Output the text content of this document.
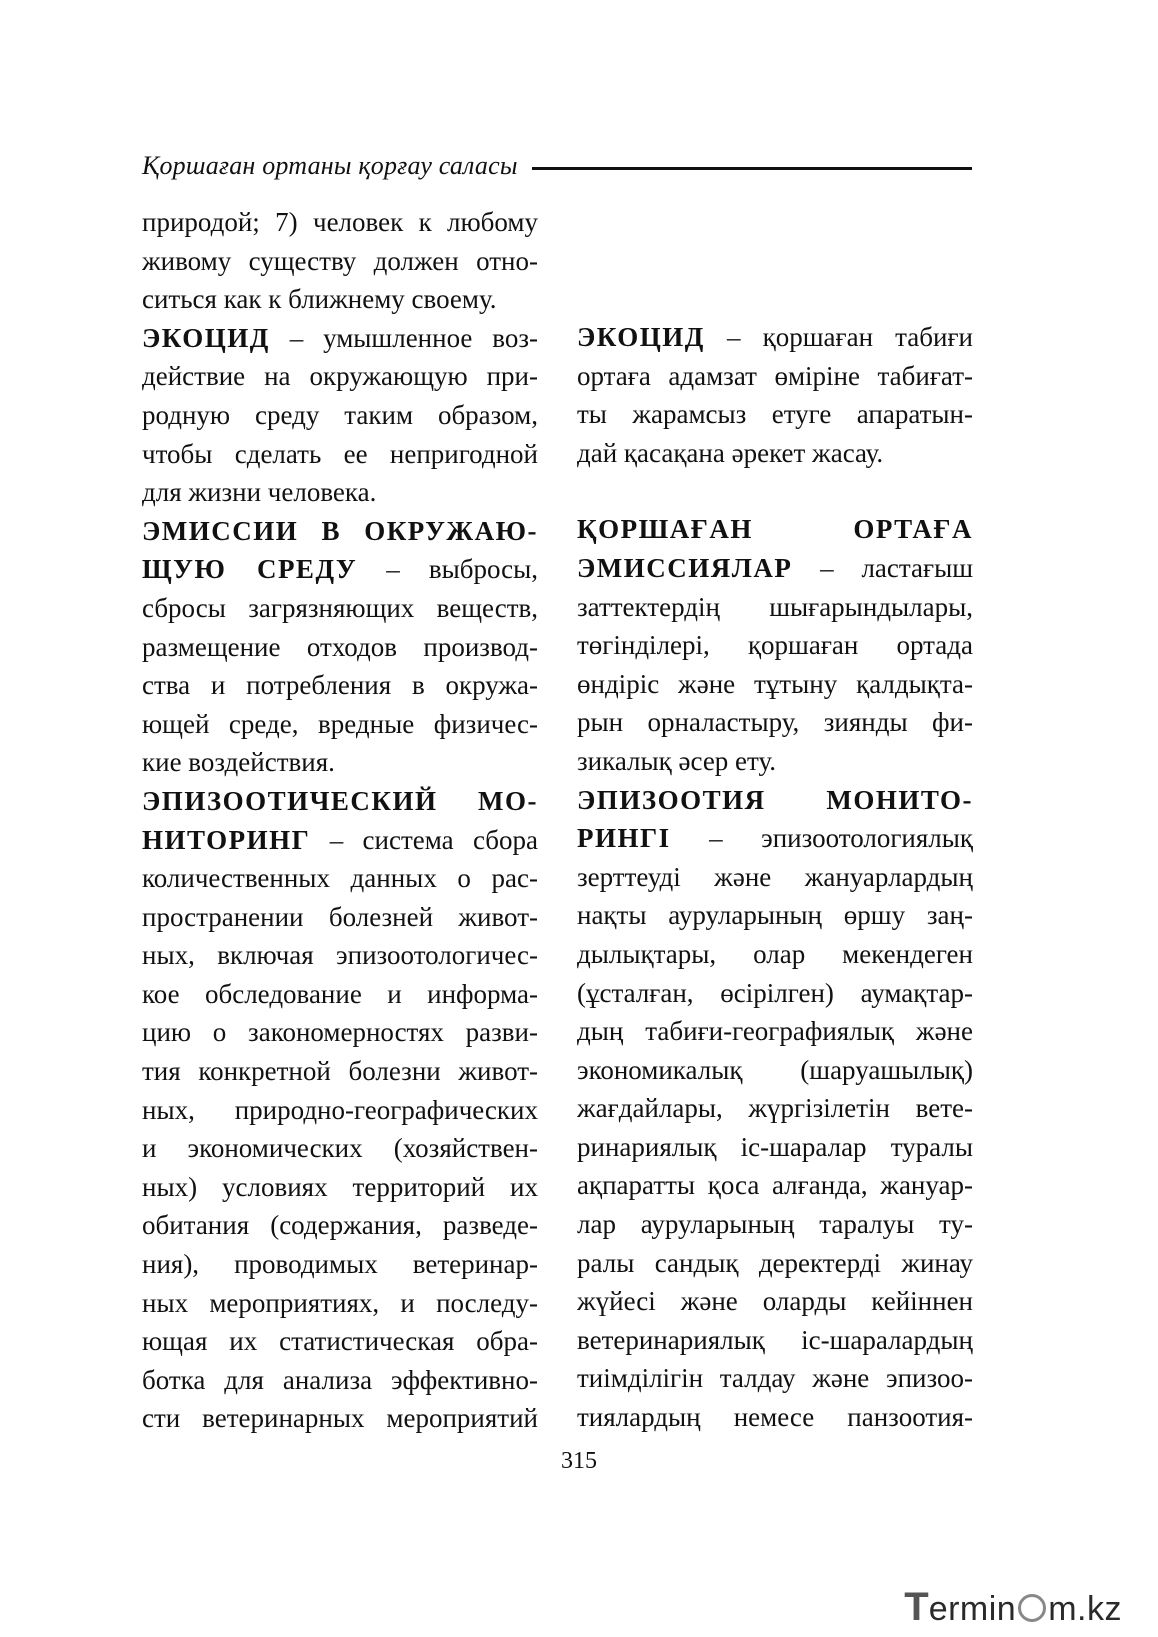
Қоршаған ортаны қорғау саласы
природой; 7) человек к любому
живому существу должен отно-
ситься как к ближнему своему.
ЭКОЦИД – умышленное воз-
действие на окружающую при-
родную среду таким образом,
чтобы сделать ее непригодной
для жизни человека.
ЭМИССИИ В ОКРУЖАЮ-
ЩУЮ СРЕДУ – выбросы,
сбросы загрязняющих веществ,
размещение отходов производ-
ства и потребления в окружа-
ющей среде, вредные физичес-
кие воздействия.
ЭПИЗООТИЧЕСКИЙ МО-
НИТОРИНГ – система сбора
количественных данных о рас-
пространении болезней живот-
ных, включая эпизоотологичес-
кое обследование и информа-
цию о закономерностях разви-
тия конкретной болезни живот-
ных, природно-географических
и экономических (хозяйствен-
ных) условиях территорий их
обитания (содержания, разведе-
ния), проводимых ветеринар-
ных мероприятиях, и последу-
ющая их статистическая обра-
ботка для анализа эффективно-
сти ветеринарных мероприятий
ЭКОЦИД – қоршаған табиғи
ортаға адамзат өміріне табиғат-
ты жарамсыз етуге апаратын-
дай қасақана әрекет жасау.
ҚОРШАҒАН ОРТАҒА
ЭМИССИЯЛАР – ластағыш
заттектердің шығарындылары,
төгінділері, қоршаған ортада
өндіріс және тұтыну қалдықта-
рын орналастыру, зиянды фи-
зикалық әсер ету.
ЭПИЗООТИЯ МОНИТО-
РИНГІ – эпизоотологиялық
зерттеуді және жануарлардың
нақты ауруларының өршу заң-
дылықтары, олар мекендеген
(ұсталған, өсірілген) аумақтар-
дың табиғи-географиялық және
экономикалық (шаруашылық)
жағдайлары, жүргізілетін вете-
ринариялық іс-шаралар туралы
ақпаратты қоса алғанда, жануар-
лар ауруларының таралуы ту-
ралы сандық деректерді жинау
жүйесі және оларды кейіннен
ветеринариялық іс-шаралардың
тиімділігін талдау және эпизоо-
тиялардың немесе панзоотия-
315
T ermin m.kz
